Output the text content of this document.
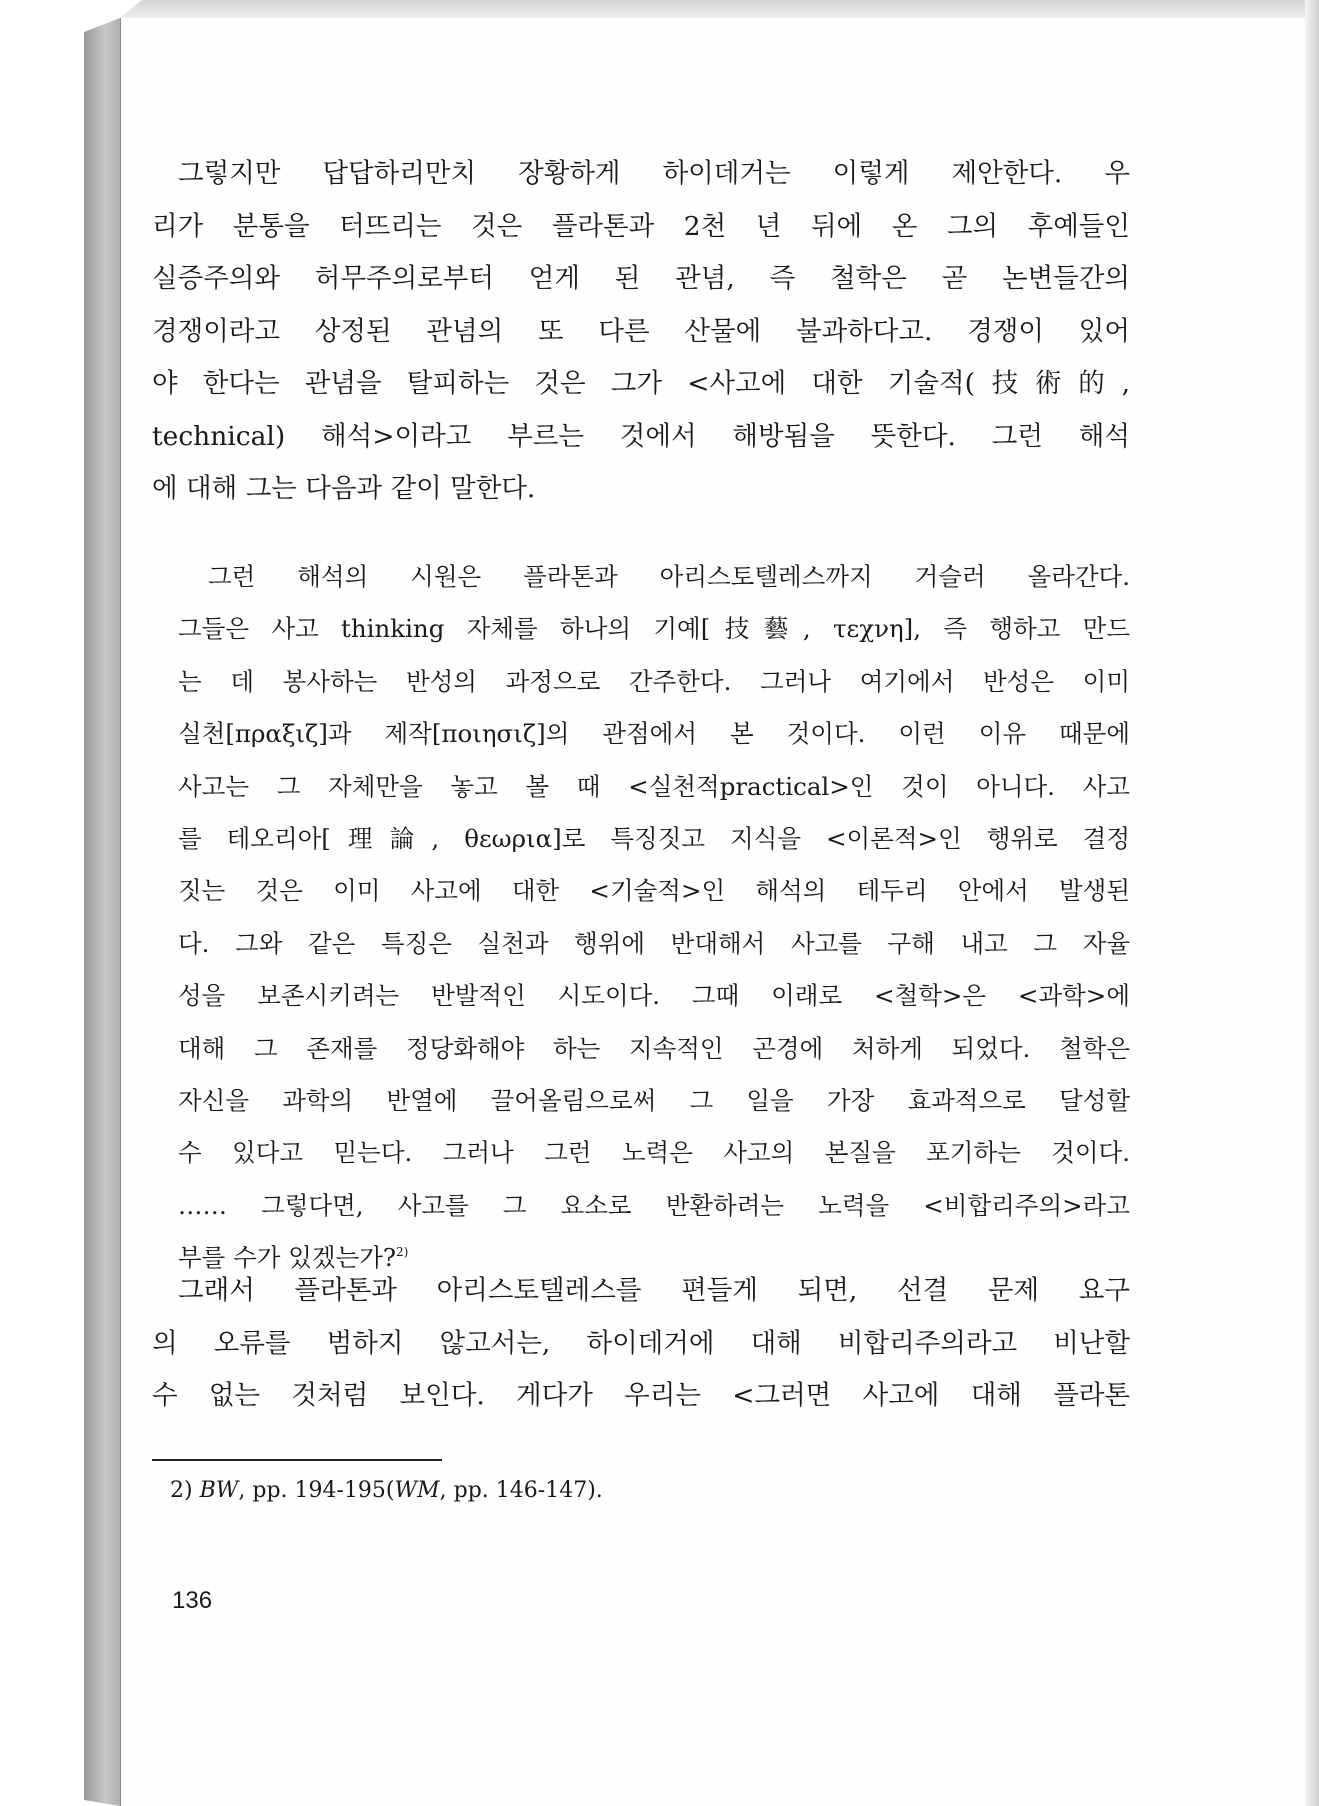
그렇지만 답답하리만치 장황하게 하이데거는 이렇게 제안한다. 우
리가 분통을 터뜨리는 것은 플라톤과 2천 년 뒤에 온 그의 후예들인
실증주의와 허무주의로부터 얻게 된 관념, 즉 철학은 곧 논변들간의
경쟁이라고 상정된 관념의 또 다른 산물에 불과하다고. 경쟁이 있어
야 한다는 관념을 탈피하는 것은 그가 <사고에 대한 기술적(技術的,
technical) 해석>이라고 부르는 것에서 해방됨을 뜻한다. 그런 해석
에 대해 그는 다음과 같이 말한다.
그런 해석의 시원은 플라톤과 아리스토텔레스까지 거슬러 올라간다.
그들은 사고 thinking 자체를 하나의 기예[技藝, τεχνη], 즉 행하고 만드
는 데 봉사하는 반성의 과정으로 간주한다. 그러나 여기에서 반성은 이미
실천[πραξιζ]과 제작[ποιησιζ]의 관점에서 본 것이다. 이런 이유 때문에
사고는 그 자체만을 놓고 볼 때 <실천적practical>인 것이 아니다. 사고
를 테오리아[理論, θεωρια]로 특징짓고 지식을 <이론적>인 행위로 결정
짓는 것은 이미 사고에 대한 <기술적>인 해석의 테두리 안에서 발생된
다. 그와 같은 특징은 실천과 행위에 반대해서 사고를 구해 내고 그 자율
성을 보존시키려는 반발적인 시도이다. 그때 이래로 <철학>은 <과학>에
대해 그 존재를 정당화해야 하는 지속적인 곤경에 처하게 되었다. 철학은
자신을 과학의 반열에 끌어올림으로써 그 일을 가장 효과적으로 달성할
수 있다고 믿는다. 그러나 그런 노력은 사고의 본질을 포기하는 것이다.
…… 그렇다면, 사고를 그 요소로 반환하려는 노력을 <비합리주의>라고
부를 수가 있겠는가?$^{2)}$
그래서 플라톤과 아리스토텔레스를 편들게 되면, 선결 문제 요구
의 오류를 범하지 않고서는, 하이데거에 대해 비합리주의라고 비난할
수 없는 것처럼 보인다. 게다가 우리는 <그러면 사고에 대해 플라톤
2) BW, pp. 194-195(WM, pp. 146-147).
136
